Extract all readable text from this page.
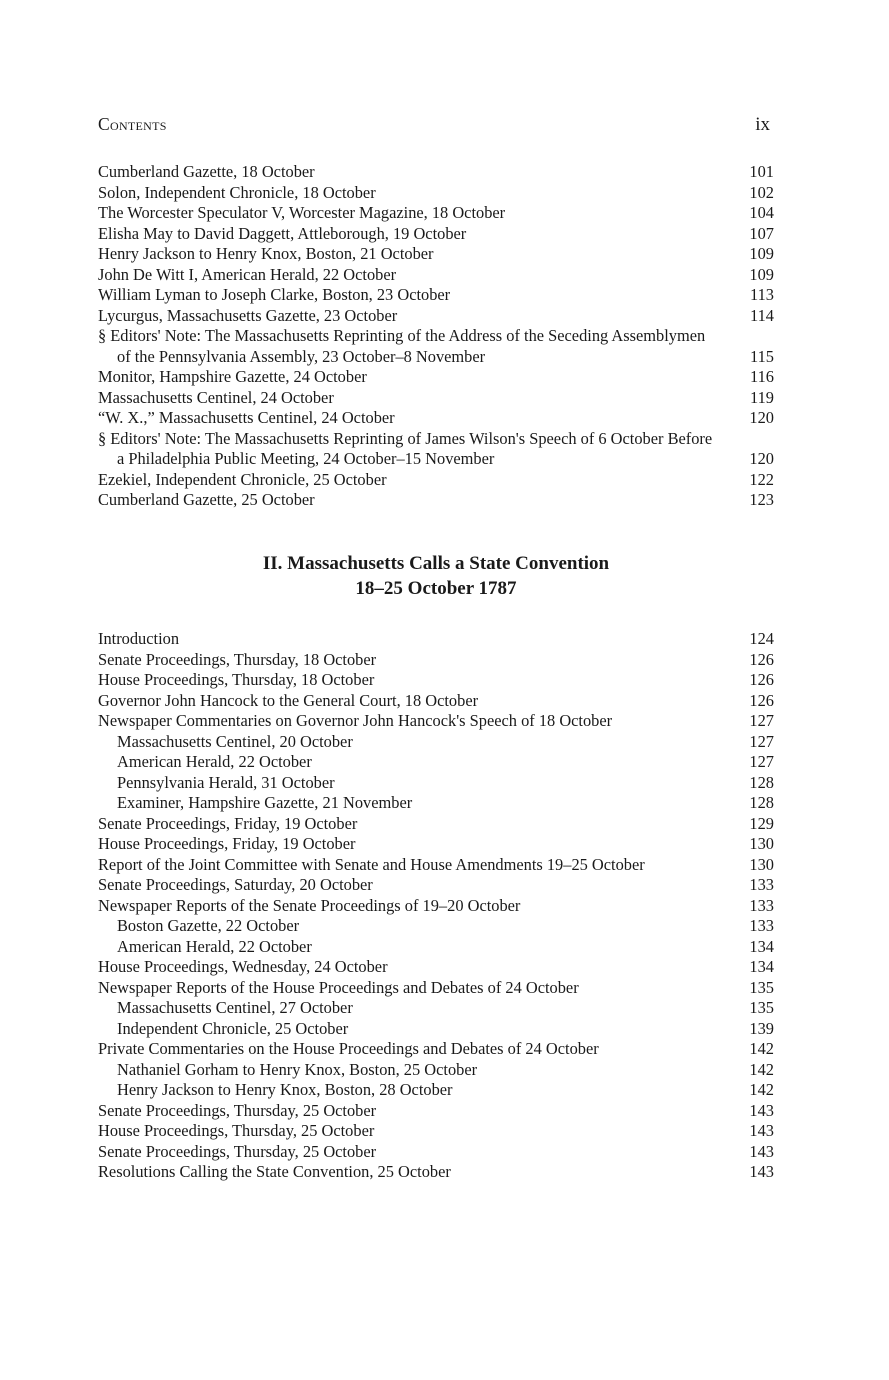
Contents	ix
Cumberland Gazette, 18 October	101
Solon, Independent Chronicle, 18 October	102
The Worcester Speculator V, Worcester Magazine, 18 October	104
Elisha May to David Daggett, Attleborough, 19 October	107
Henry Jackson to Henry Knox, Boston, 21 October	109
John De Witt I, American Herald, 22 October	109
William Lyman to Joseph Clarke, Boston, 23 October	113
Lycurgus, Massachusetts Gazette, 23 October	114
§ Editors' Note: The Massachusetts Reprinting of the Address of the Seceding Assemblymen of the Pennsylvania Assembly, 23 October–8 November	115
Monitor, Hampshire Gazette, 24 October	116
Massachusetts Centinel, 24 October	119
“W. X.,” Massachusetts Centinel, 24 October	120
§ Editors' Note: The Massachusetts Reprinting of James Wilson's Speech of 6 October Before a Philadelphia Public Meeting, 24 October–15 November	120
Ezekiel, Independent Chronicle, 25 October	122
Cumberland Gazette, 25 October	123
II. Massachusetts Calls a State Convention
18–25 October 1787
Introduction	124
Senate Proceedings, Thursday, 18 October	126
House Proceedings, Thursday, 18 October	126
Governor John Hancock to the General Court, 18 October	126
Newspaper Commentaries on Governor John Hancock's Speech of 18 October	127
Massachusetts Centinel, 20 October	127
American Herald, 22 October	127
Pennsylvania Herald, 31 October	128
Examiner, Hampshire Gazette, 21 November	128
Senate Proceedings, Friday, 19 October	129
House Proceedings, Friday, 19 October	130
Report of the Joint Committee with Senate and House Amendments 19–25 October	130
Senate Proceedings, Saturday, 20 October	133
Newspaper Reports of the Senate Proceedings of 19–20 October	133
Boston Gazette, 22 October	133
American Herald, 22 October	134
House Proceedings, Wednesday, 24 October	134
Newspaper Reports of the House Proceedings and Debates of 24 October	135
Massachusetts Centinel, 27 October	135
Independent Chronicle, 25 October	139
Private Commentaries on the House Proceedings and Debates of 24 October	142
Nathaniel Gorham to Henry Knox, Boston, 25 October	142
Henry Jackson to Henry Knox, Boston, 28 October	142
Senate Proceedings, Thursday, 25 October	143
House Proceedings, Thursday, 25 October	143
Senate Proceedings, Thursday, 25 October	143
Resolutions Calling the State Convention, 25 October	143
